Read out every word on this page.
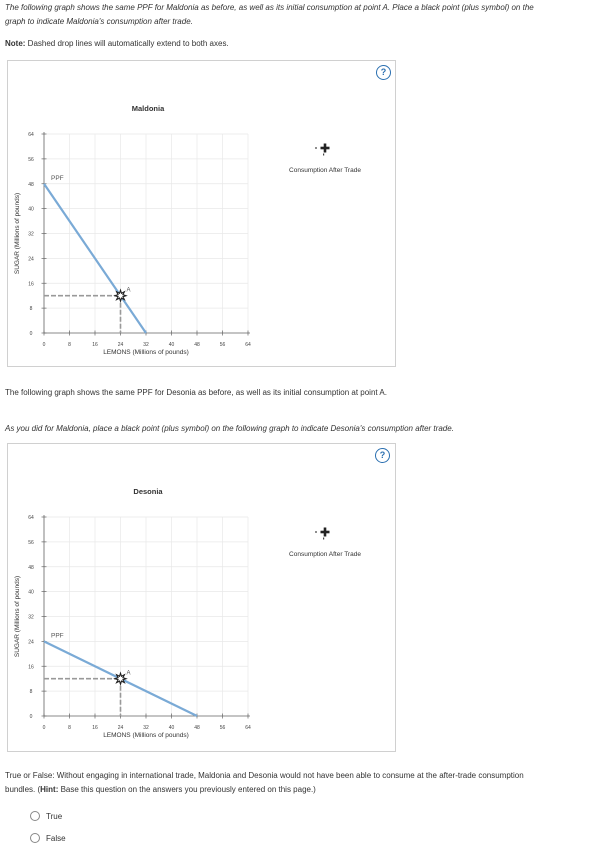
The following graph shows the same PPF for Maldonia as before, as well as its initial consumption at point A. Place a black point (plus symbol) on the
graph to indicate Maldonia's consumption after trade.
Note: Dashed drop lines will automatically extend to both axes.
?
Maldonia
0	8	16	24	32	40	48	56	64
0
8
16
24
32
40
48
56
64
LEMONS (Millions of pounds)
SUGAR (Millions of pounds)
PPF
A
Consumption After Trade
The following graph shows the same PPF for Desonia as before, as well as its initial consumption at point A.
As you did for Maldonia, place a black point (plus symbol) on the following graph to indicate Desonia's consumption after trade.
?
Desonia
0	8	16	24	32	40	48	56	64
0
8
16
24
32
40
48
56
64
LEMONS (Millions of pounds)
SUGAR (Millions of pounds)	PPF
A
Consumption After Trade
True or False: Without engaging in international trade, Maldonia and Desonia would not have been able to consume at the after-trade consumption
bundles. (Hint: Base this question on the answers you previously entered on this page.)
True
False
